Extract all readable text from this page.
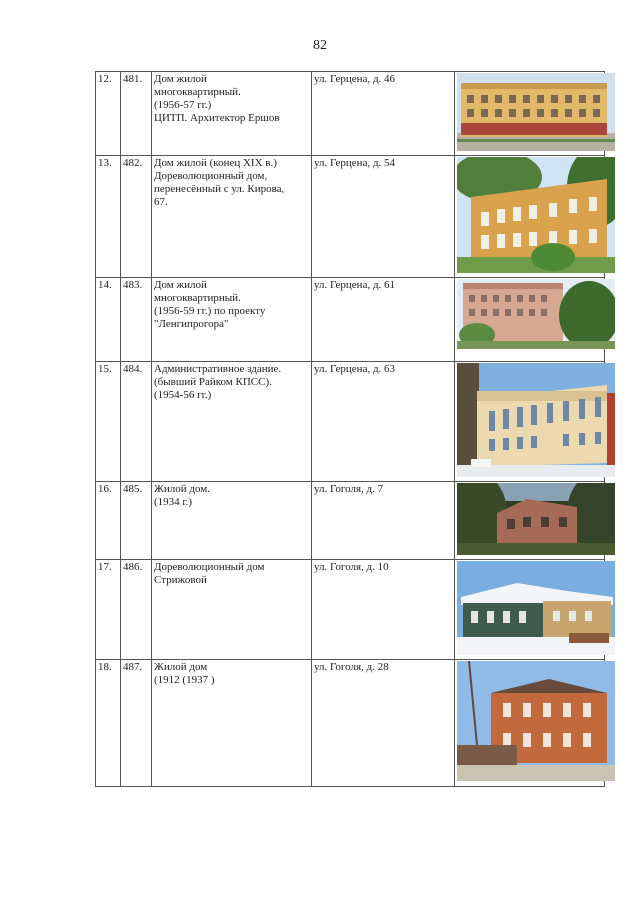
82
12.	481.	Дом жилой
многоквартирный.
(1956-57 гг.)
ЦИТП. Архитектор Ершов	ул. Герцена, д. 46	

13.	482.	Дом жилой (конец XIX в.)
Дореволюционный дом,
перенесённый с ул. Кирова,
67.	ул. Герцена, д. 54	

14.	483.	Дом жилой
многоквартирный.
(1956-59 гг.) по проекту
"Ленгипрогора"	ул. Герцена, д. 61	

15.	484.	Административное здание.
(бывший Райком КПСС).
(1954-56 гг.)	ул. Герцена, д. 63	

16.	485.	Жилой дом.
(1934 г.)	ул. Гоголя, д. 7	

17.	486.	Дореволюционный дом
Стрижовой	ул. Гоголя, д. 10	

18.	487.	Жилой дом
(1912 (1937 )	ул. Гоголя, д. 28	
